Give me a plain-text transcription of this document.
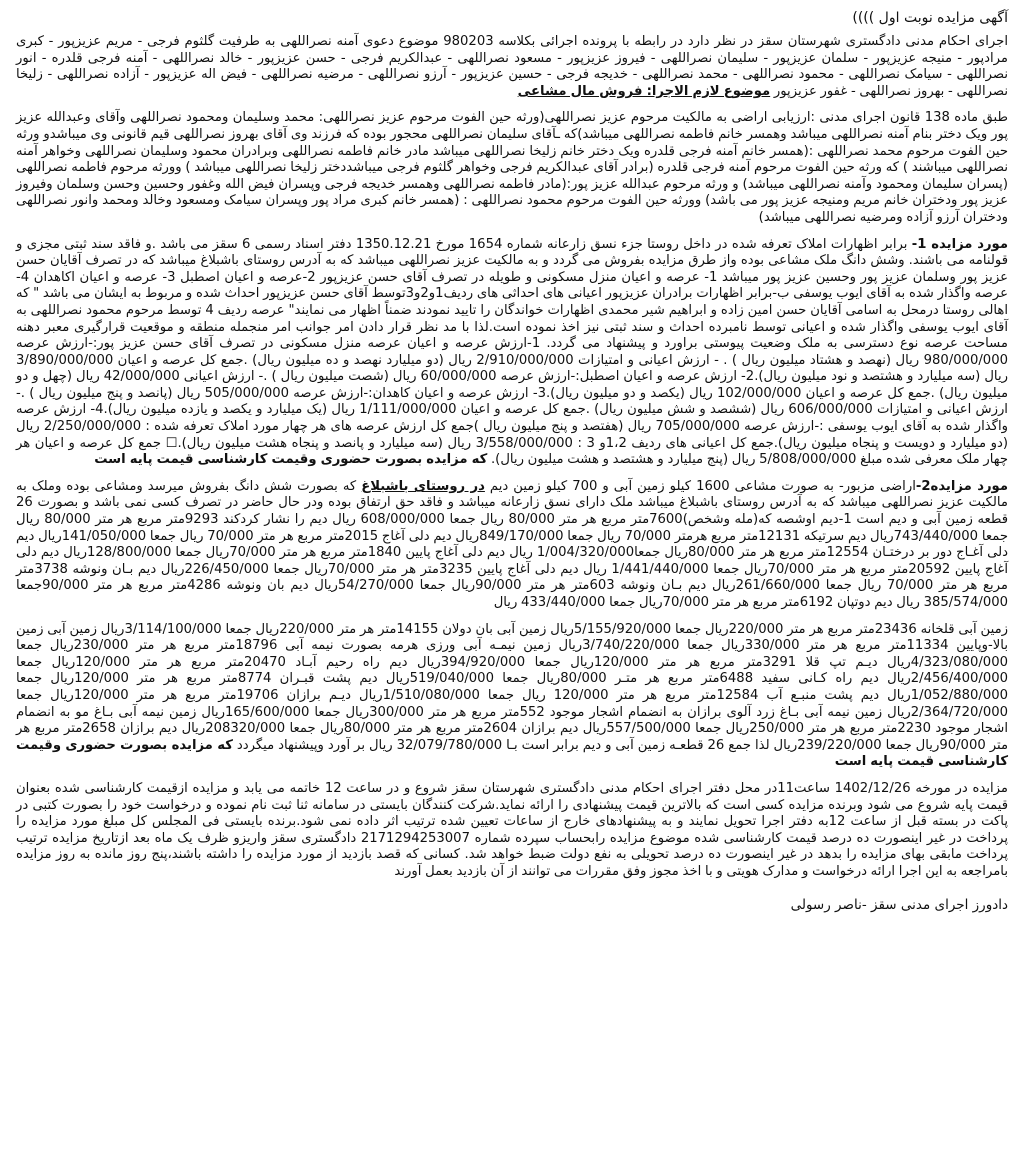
آگهی مزایده نوبت اول ))))

اجرای احکام مدنی دادگستری شهرستان سقز در نظر دارد در رابطه با پرونده اجرائی بکلاسه 980203 موضوع دعوی آمنه نصراللهی به طرفیت گلثوم فرجی - مریم عزیزپور - کبری مرادپور - منیجه عزیزپور - سلمان عزیزپور - سلیمان نصراللهی - فیروز عزیزپور - مسعود نصراللهی - عبدالکریم فرجی - حسن عزیزپور - خالد نصراللهی - آمنه فرجی قلدره - انور نصراللهی - سیامک نصراللهی - محمود نصراللهی - محمد نصراللهی - خدیجه فرجی - حسین عزیزپور - آرزو نصراللهی - مرضیه نصراللهی - فیض اله عزیزپور - آزاده نصراللهی - زلیخا نصراللهی - بهروز نصراللهی - غفور عزیزپور موضوع لازم الاجرا: فروش مال مشاعی

طبق ماده 138 قانون اجرای مدنی :ارزیابی اراضی به مالکیت مرحوم عزیز نصراللهی(ورثه حین الفوت مرحوم عزیز نصراللهی: محمد وسلیمان ومحمود نصراللهی وآقای وعبدالله عزیز پور ویک دختر بنام آمنه نصراللهی میباشد وهمسر خانم فاطمه نصراللهی میباشد)که ـآقای سلیمان نصراللهی محجور بوده که فرزند وی آقای بهروز نصراللهی قیم قانونی وی میباشدو ورثه حین الفوت مرحوم محمد نصراللهی :(همسر خانم آمنه فرجی قلدره ویک دختر خانم زلیخا نصراللهی میباشد مادر خانم فاطمه نصراللهی وبرادران محمود وسلیمان نصراللهی وخواهر آمنه نصراللهی میباشند ) که ورثه حین الفوت مرحوم آمنه فرجی قلدره (برادر آقای عبدالکریم فرجی وخواهر گلثوم فرجی میباشددختر زلیخا نصراللهی میباشد ) وورثه مرحوم فاطمه نصراللهی (پسران سلیمان ومحمود وآمنه نصراللهی میباشد) و ورثه مرحوم عبدالله عزیز پور:(مادر فاطمه نصراللهی وهمسر خدیجه فرجی وپسران فیض الله وغفور وحسین وحسن وسلمان وفیروز عزیز پور ودختران خانم مریم ومنیجه عزیز پور می باشد) وورثه حین الفوت مرحوم محمود نصراللهی : (همسر خانم کبری مراد پور وپسران سیامک ومسعود وخالد ومحمد وانور نصراللهی ودختران آرزو آزاده ومرضیه نصراللهی میباشد)

مورد مزایده 1- برابر اظهارات املاک تعرفه شده در داخل روستا جزء نسق زارعانه شماره 1654 مورخ 1350.12.21 دفتر اسناد رسمی 6 سقز می باشد .و فاقد سند ثبتی مجزی و قولنامه می باشند. وشش دانگ ملک مشاعی بوده واز طرق مزایده بفروش می گردد و به مالکیت عزیز نصراللهی میباشد که به آدرس روستای باشبلاغ میباشد که در تصرف آقایان حسن عزیز پور وسلمان عزیز پور وحسین عزیز پور میباشد 1- عرصه و اعیان منزل مسکونی و طویله در تصرف آقای حسن عزیزپور 2-عرصه و اعیان اصطبل 3- عرصه و اعیان اکاهدان 4- عرصه واگذار شده به آقای ایوب یوسفی ب-برابر اظهارات برادران عزیزپور اعیانی های احداثی های ردیف1و2و3توسط آقای حسن عزیزپور احداث شده و مربوط به ایشان می باشد " که اهالی روستا درمحل به اسامی آقایان حسن امین زاده و ابراهیم شیر محمدی اظهارات خواندگان را تایید نمودند ضمناً اظهار می نمایند" عرصه ردیف 4 توسط مرحوم محمود نصراللهی به آقای ایوب یوسفی واگذار شده و اعیانی توسط نامبرده احداث و سند ثبتی نیز اخذ نموده است.لذا با مد نظر قرار دادن امر جوانب امر منجمله منطقه و موقعیت قرارگیری معبر دهنه مساحت عرصه نوع دسترسی به ملک وضعیت پیوستی براورد و پیشنهاد می گردد. 1-ارزش عرصه و اعیان عرصه منزل مسکونی در تصرف آقای حسن عزیز پور:-ارزش عرصه 980/000/000 ریال (نهصد و هشتاد میلیون ریال ) . - ارزش اعیانی و امتیازات 2/910/000/000 ریال (دو میلیارد نهصد و ده میلیون ریال) .جمع کل عرصه و اعیان 3/890/000/000 ریال (سه میلیارد و هشتصد و نود میلیون ریال).2- ارزش عرصه و اعیان اصطبل:-ارزش عرصه 60/000/000 ریال (شصت میلیون ریال ) .- ارزش اعیانی 42/000/000 ریال (چهل و دو میلیون ریال) .جمع کل عرصه و اعیان 102/000/000 ریال (یکصد و دو میلیون ریال).3- ارزش عرصه و اعیان کاهدان:-ارزش عرصه 505/000/000 ریال (پانصد و پنج میلیون ریال ) .- ارزش اعیانی و امتیازات 606/000/000 ریال (ششصد و شش میلیون ریال) .جمع کل عرصه و اعیان 1/111/000/000 ریال (یک میلیارد و یکصد و یازده میلیون ریال).4- ارزش عرصه واگذار شده به آقای ایوب یوسفی :-ارزش عرصه 705/000/000 ریال (هفتصد و پنج میلیون ریال )جمع کل ارزش عرصه های هر چهار مورد املاک تعرفه شده : 2/250/000/000 ریال (دو میلیارد و دویست و پنجاه میلیون ریال).جمع کل اعیانی های ردیف 1،2و 3 : 3/558/000/000 ریال (سه میلیارد و پانصد و پنجاه هشت میلیون ریال).☐ جمع کل عرصه و اعیان هر چهار ملک معرفی شده مبلغ 5/808/000/000 ریال (پنج میلیارد و هشتصد و هشت میلیون ریال). که مزایده بصورت حضوری وقیمت کارشناسی قیمت پایه است

مورد مزایده2-اراضی مزبور- به صورت مشاعی 1600 کیلو زمین آبی و 700 کیلو زمین دیم در روستای باشبلاغ که بصورت شش دانگ بفروش میرسد ومشاعی بوده وملک به مالکیت عزیز نصراللهی میباشد که به آدرس روستای باشبلاغ میباشد ملک دارای نسق زارعانه میباشد و فاقد حق ارتفاق بوده ودر حال حاضر در تصرف کسی نمی باشد و بصورت 26 قطعه زمین آبی و دیم است 1-دیم اوشصه که(مله وشخص)7600متر مربع هر متر 80/000 ریال جمعا 608/000/000 ریال دیم را نشار کردکند 9293متر مربع هر متر 80/000 ریال جمعا 743/440/000ریال دیم سرتیکه 12131متر مربع هرمتر 70/000 ریال جمعا 849/170/000ریال دیم دلی آغاج 2015متر مربع هر متر 70/000 ریال جمعا 141/050/000ریال دیم دلی آغـاج دور بر درختـان 12554متر مربع هر متر 80/000ریال جمعا1/004/320/000 ریال دیم دلی آغاج پایین 1840متر مربع هر متر 70/000ریال جمعا 128/800/000ریال دیم دلی آغاج پایین 20592متر مربع هر متر 70/000ریال جمعا 1/441/440/000 ریال دیم دلی آغاج پایین 3235متر هر متر 70/000ریال جمعا 226/450/000ریال دیم بـان ونوشه 3738متر مربع هر متر 70/000 ریال جمعا 261/660/000ریال دیم بـان ونوشه 603متر هر متر 90/000ریال جمعا 54/270/000ریال دیم بان ونوشه 4286متر مربع هر متر 90/000جمعا 385/574/000 ریال دیم دوتپان 6192متر مربع هر متر 70/000ریال جمعا 433/440/000 ریال

زمین آبی قلخانه 23436متر مربع هر متر 220/000ریال جمعا 5/155/920/000ریال زمین آبی بان دولان 14155متر هر متر 220/000ریال جمعا 3/114/100/000ریال زمین آبی زمین بالا-وپایین 11334متر مربع هر متر 330/000ریال جمعا 3/740/220/000ریال زمین نیمـه آبی ورزی هرمه بصورت نیمه آبی 18796متر مربع هر متر 230/000ریال جمعا 4/323/080/000ریال دیـم تپ قلا 3291متر مربع هر متر 120/000ریال جمعا 394/920/000ریال دیم راه رحیم آبـاد 20470متر مربع هر متر 120/000ریال جمعا 2/456/400/000ریال دیم راه کـانی سفید 6488متر مربع هر متـر 80/000ریال جمعا 519/040/000ریال دیم پشت قبـران 8774متر مربع هر متر 120/000ریال جمعا 1/052/880/000ریال دیم پشت منبـع آب 12584متر مربع هر متر 120/000 ریال جمعا 1/510/080/000ریال دیـم برازان 19706متر مربع هر متر 120/000ریال جمعا 2/364/720/000ریال زمین نیمه آبی بـاغ زرد آلوی برازان به انضمام اشجار موجود 552متر مربع هر متر 300/000ریال جمعا 165/600/000ریال زمین نیمه آبی بـاغ مو به انضمام اشجار موجود 2230متر مربع هر متر 250/000ریال جمعا 557/500/000ریال دیم برازان 2604متر مربع هر متر 80/000ریال جمعا 208320/000ریال دیم برازان 2658متر مربع هر متر 90/000ریال جمعا 239/220/000ریال لذا جمع 26 قطعـه زمین آبی و دیم برابر است بـا 32/079/780/000 ریال بر آورد وپیشنهاد میگردد که مزایده بصورت حضوری وقیمت کارشناسی قیمت پایه است

مزایده در مورخه 1402/12/26 ساعت11در محل دفتر اجرای احکام مدنی دادگستری شهرستان سقز شروع و در ساعت 12 خاتمه می یابد و مزایده ازقیمت کارشناسی شده بعنوان قیمت پایه شروع می شود وبرنده مزایده کسی است که بالاترین قیمت پیشنهادی را ارائه نماید.شرکت کنندگان بایستی در سامانه ثنا ثبت نام نموده و درخواست خود را بصورت کتبی در پاکت در بسته قبل از ساعت 12به دفتر اجرا تحویل نمایند و به پیشنهادهای خارج از ساعات تعیین شده ترتیب اثر داده نمی شود.برنده بایستی فی المجلس کل مبلغ مورد مزایده را پرداخت در غیر اینصورت ده درصد قیمت کارشناسی شده موضوع مزایده رابحساب سپرده شماره 2171294253007 دادگستری سقز واریزو ظرف یک ماه بعد ازتاریخ مزایده ترتیب پرداخت مابقی بهای مزایده را بدهد در غیر اینصورت ده درصد تحویلی به نفع دولت ضبط خواهد شد. کسانی که قصد بازدید از مورد مزایده را داشته باشند،پنج روز مانده به روز مزایده بامراجعه به این اجرا ارائه درخواست و مدارک هویتی و با اخذ مجوز وفق مقررات می توانند از آن بازدید بعمل آورند

دادورز اجرای مدنی سقز -ناصر رسولی
